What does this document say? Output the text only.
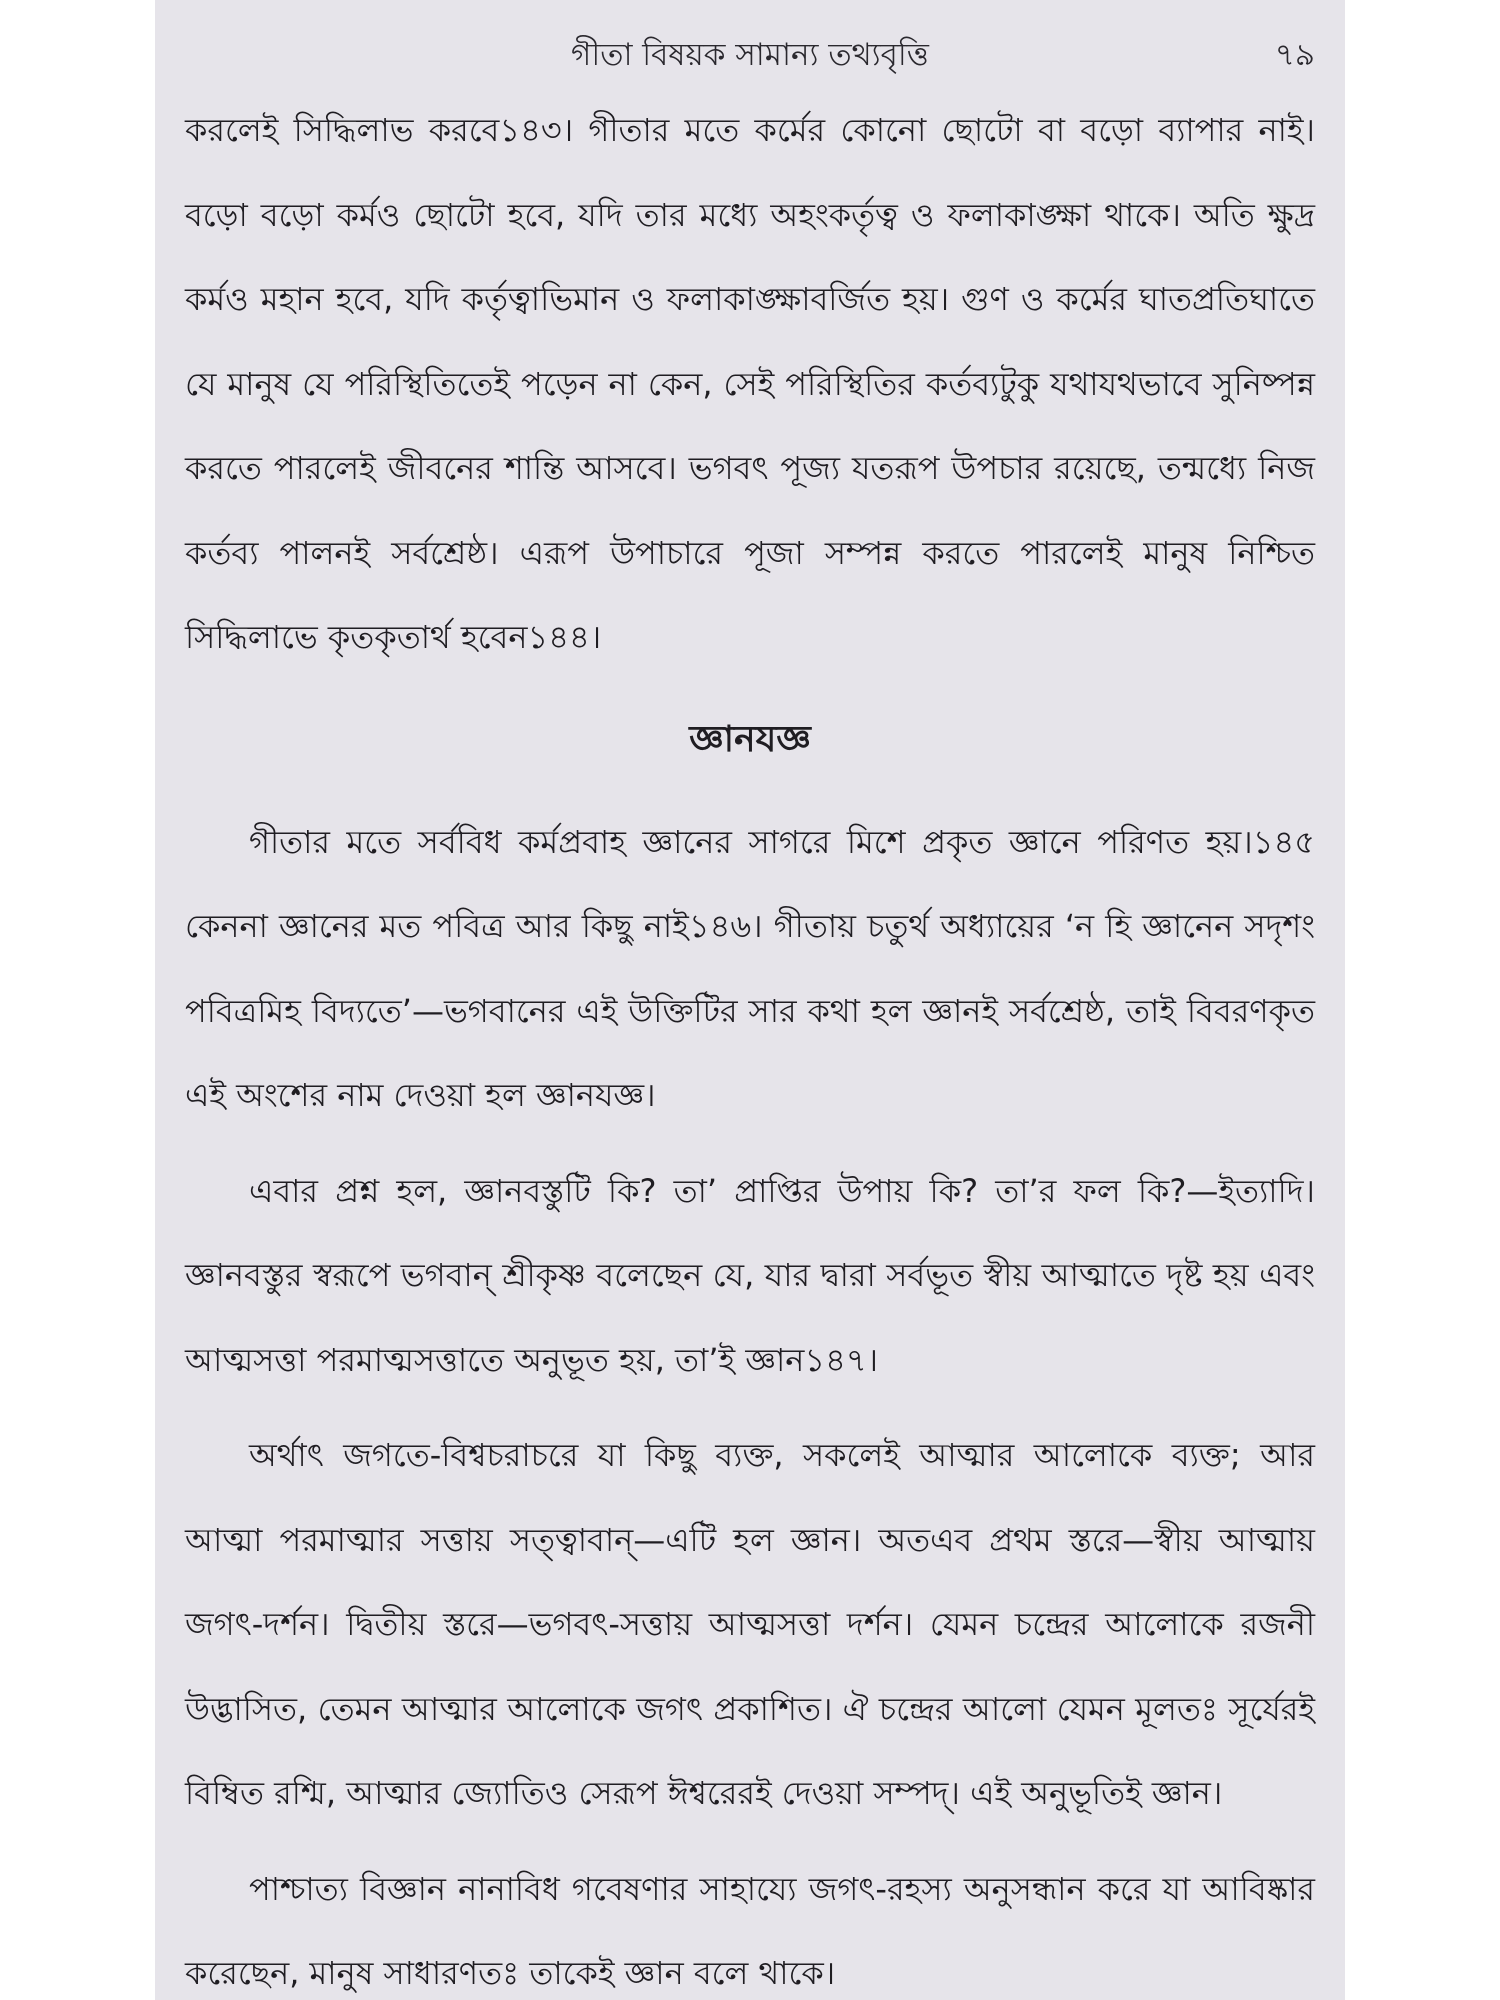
গীতা বিষয়ক সামান্য তথ্যবৃত্তি	৭৯

করলেই সিদ্ধিলাভ করবে১৪৩। গীতার মতে কর্মের কোনো ছোটো বা বড়ো ব্যাপার নাই। বড়ো বড়ো কর্মও ছোটো হবে, যদি তার মধ্যে অহংকর্তৃত্ব ও ফলাকাঙ্ক্ষা থাকে। অতি ক্ষুদ্র কর্মও মহান হবে, যদি কর্তৃত্বাভিমান ও ফলাকাঙ্ক্ষাবর্জিত হয়। গুণ ও কর্মের ঘাতপ্রতিঘাতে যে মানুষ যে পরিস্থিতিতেই পড়েন না কেন, সেই পরিস্থিতির কর্তব্যটুকু যথাযথভাবে সুনিষ্পন্ন করতে পারলেই জীবনের শান্তি আসবে। ভগবৎ পূজ্য যতরূপ উপচার রয়েছে, তন্মধ্যে নিজ কর্তব্য পালনই সর্বশ্রেষ্ঠ। এরূপ উপাচারে পূজা সম্পন্ন করতে পারলেই মানুষ নিশ্চিত সিদ্ধিলাভে কৃতকৃতার্থ হবেন১৪৪।

জ্ঞানযজ্ঞ

গীতার মতে সর্ববিধ কর্মপ্রবাহ জ্ঞানের সাগরে মিশে প্রকৃত জ্ঞানে পরিণত হয়।১৪৫ কেননা জ্ঞানের মত পবিত্র আর কিছু নাই১৪৬। গীতায় চতুর্থ অধ্যায়ের ‘ন হি জ্ঞানেন সদৃশং পবিত্রমিহ বিদ্যতে’—ভগবানের এই উক্তিটির সার কথা হল জ্ঞানই সর্বশ্রেষ্ঠ, তাই বিবরণকৃত এই অংশের নাম দেওয়া হল জ্ঞানযজ্ঞ।

এবার প্রশ্ন হল, জ্ঞানবস্তুটি কি? তা’ প্রাপ্তির উপায় কি? তা’র ফল কি?—ইত্যাদি। জ্ঞানবস্তুর স্বরূপে ভগবান্ শ্রীকৃষ্ণ বলেছেন যে, যার দ্বারা সর্বভূত স্বীয় আত্মাতে দৃষ্ট হয় এবং আত্মসত্তা পরমাত্মসত্তাতে অনুভূত হয়, তা’ই জ্ঞান১৪৭।

অর্থাৎ জগতে-বিশ্বচরাচরে যা কিছু ব্যক্ত, সকলেই আত্মার আলোকে ব্যক্ত; আর আত্মা পরমাত্মার সত্তায় সত্ত্বাবান্—এটি হল জ্ঞান। অতএব প্রথম স্তরে—স্বীয় আত্মায় জগৎ-দর্শন। দ্বিতীয় স্তরে—ভগবৎ-সত্তায় আত্মসত্তা দর্শন। যেমন চন্দ্রের আলোকে রজনী উদ্ভাসিত, তেমন আত্মার আলোকে জগৎ প্রকাশিত। ঐ চন্দ্রের আলো যেমন মূলতঃ সূর্যেরই বিম্বিত রশ্মি, আত্মার জ্যোতিও সেরূপ ঈশ্বরেরই দেওয়া সম্পদ্। এই অনুভূতিই জ্ঞান।

পাশ্চাত্য বিজ্ঞান নানাবিধ গবেষণার সাহায্যে জগৎ-রহস্য অনুসন্ধান করে যা আবিষ্কার করেছেন, মানুষ সাধারণতঃ তাকেই জ্ঞান বলে থাকে।
